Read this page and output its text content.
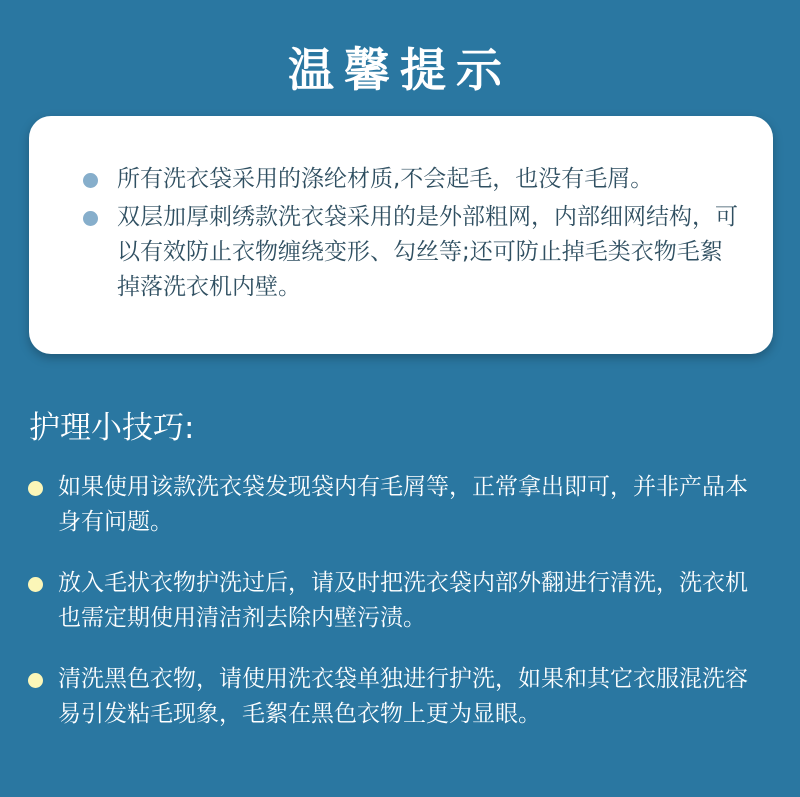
温馨提示
所有洗衣袋采用的涤纶材质,不会起毛，也没有毛屑。
双层加厚刺绣款洗衣袋采用的是外部粗网，内部细网结构，可以有效防止衣物缠绕变形、勾丝等;还可防止掉毛类衣物毛絮掉落洗衣机内壁。
护理小技巧:
如果使用该款洗衣袋发现袋内有毛屑等，正常拿出即可，并非产品本身有问题。
放入毛状衣物护洗过后，请及时把洗衣袋内部外翻进行清洗，洗衣机也需定期使用清洁剂去除内壁污渍。
清洗黑色衣物，请使用洗衣袋单独进行护洗，如果和其它衣服混洗容易引发粘毛现象，毛絮在黑色衣物上更为显眼。
